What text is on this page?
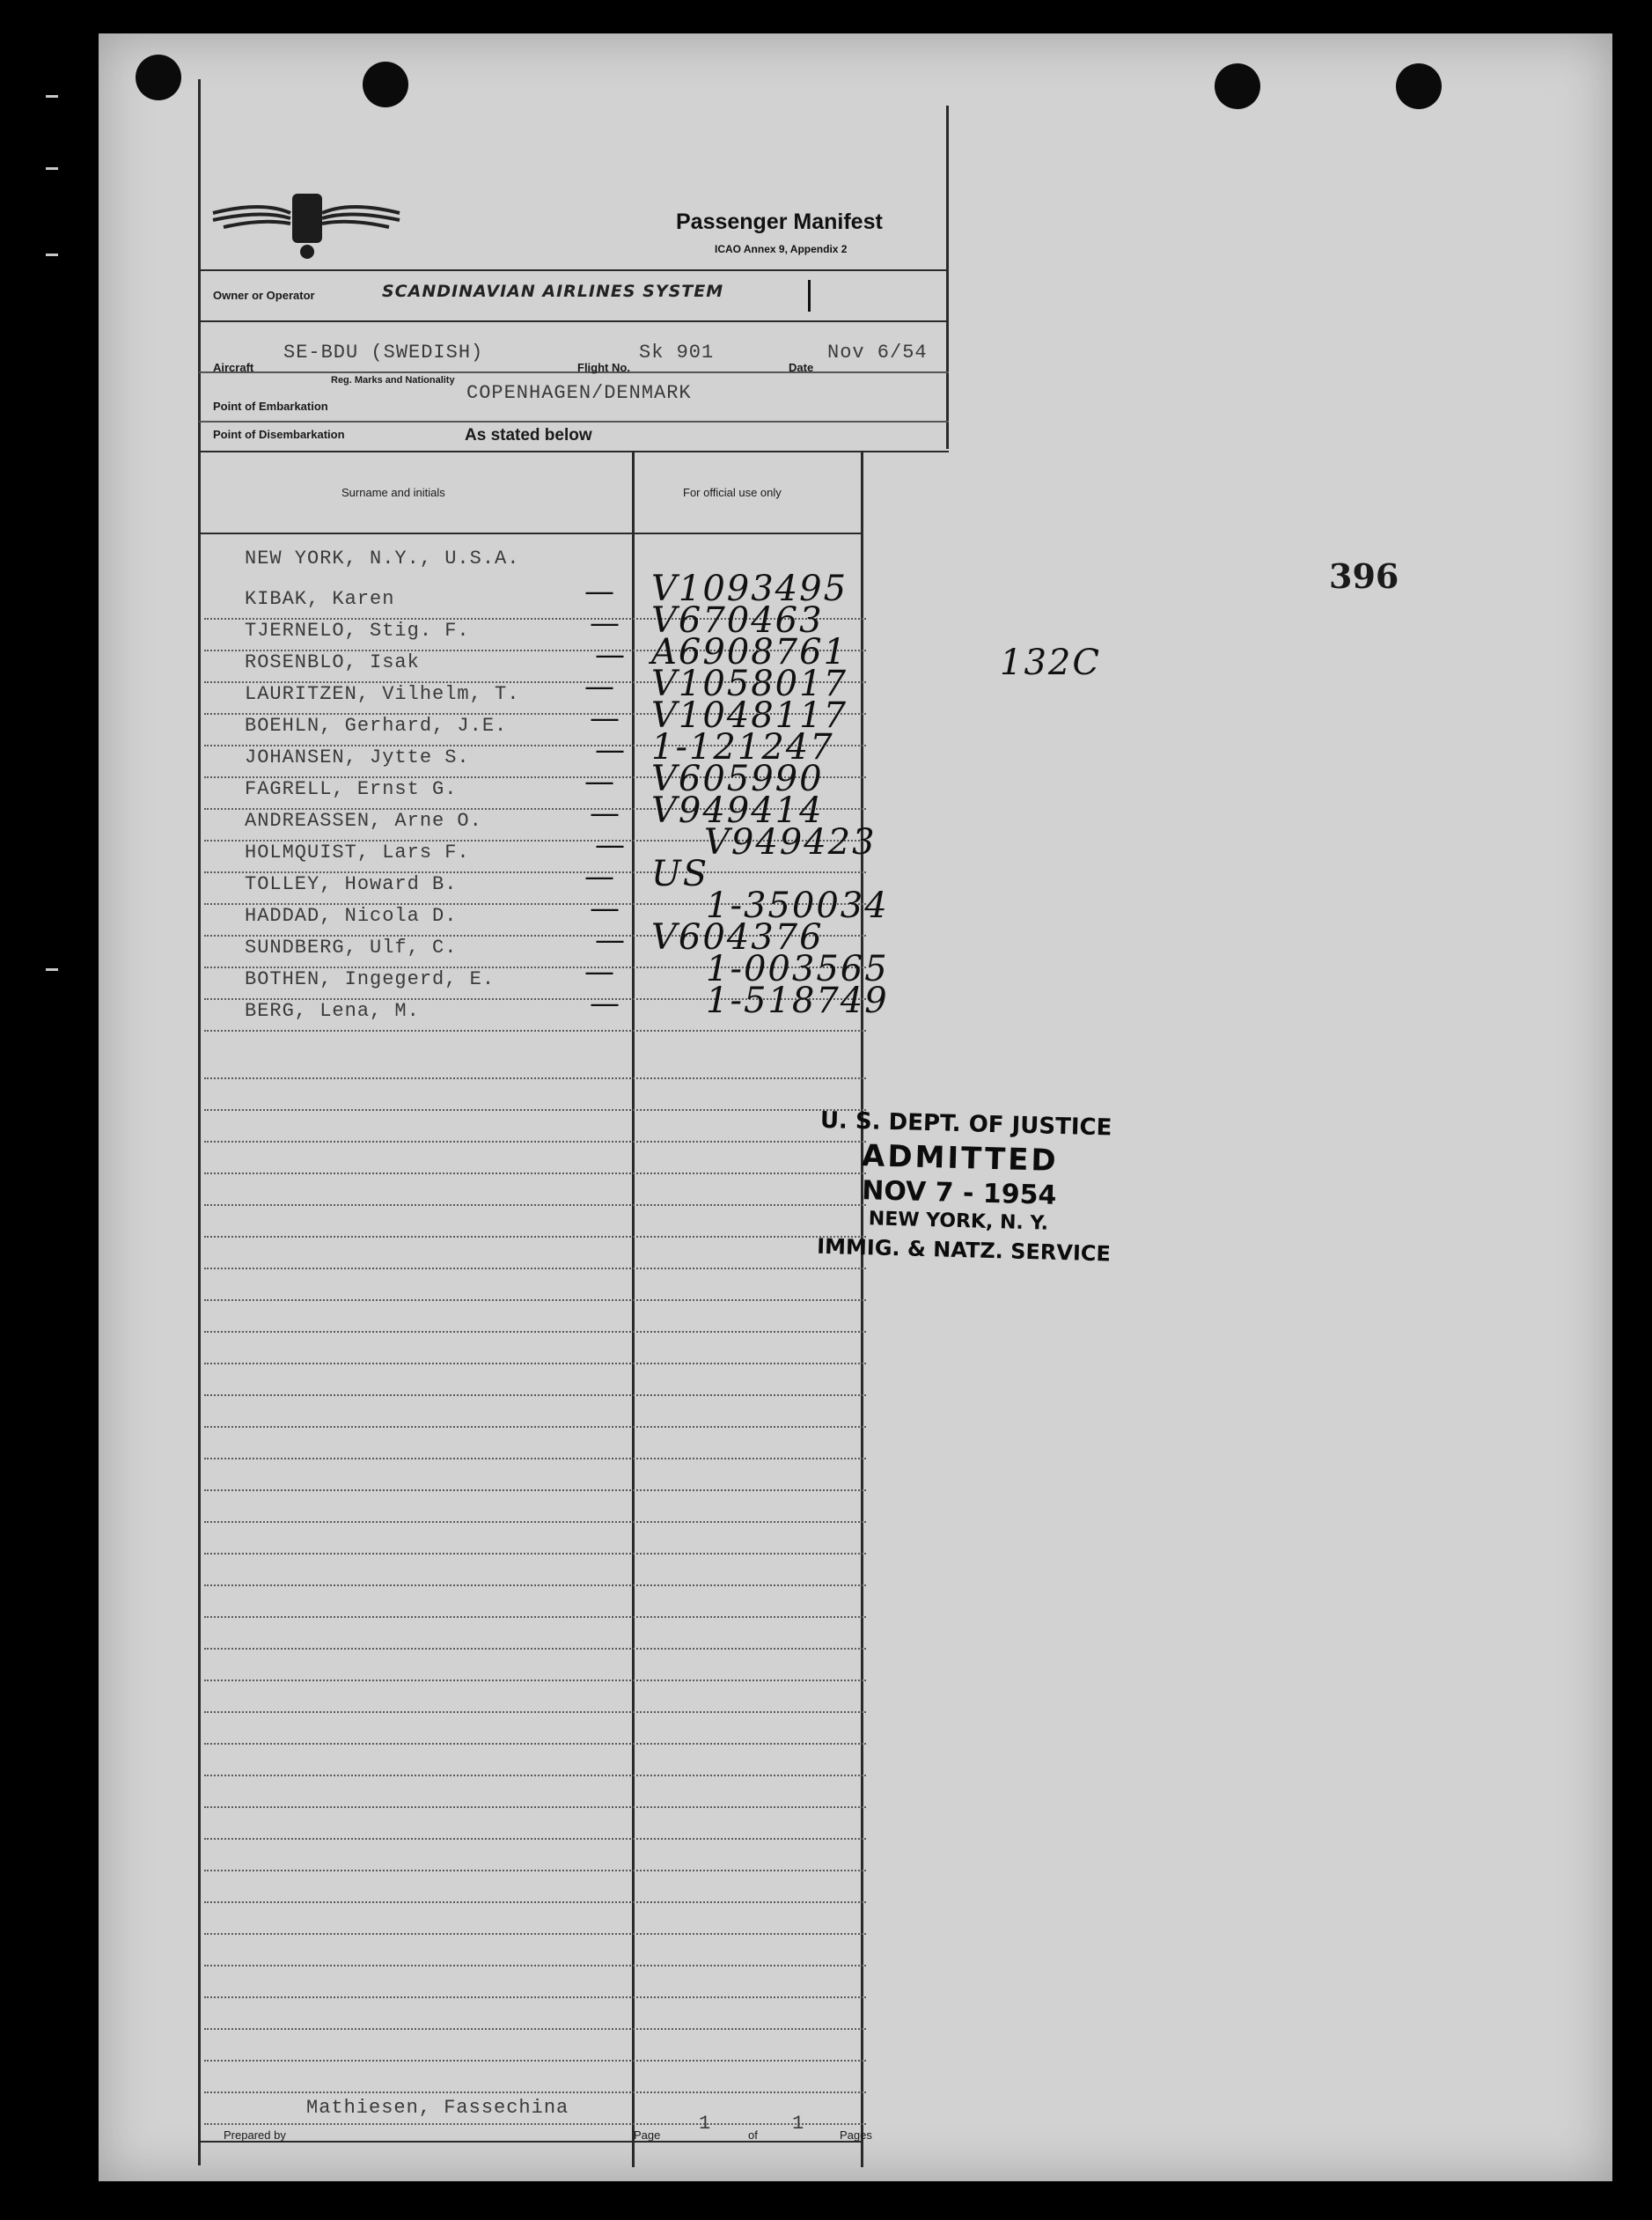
Passenger Manifest
ICAO Annex 9, Appendix 2
Owner or Operator	SCANDINAVIAN AIRLINES SYSTEM
Aircraft
SE-BDU (SWEDISH)
Reg. Marks and Nationality
Flight No.
Sk 901
Date
Nov 6/54
Point of Embarkation
COPENHAGEN/DENMARK
Point of Disembarkation	As stated below
Surname and initials	For official use only
NEW YORK, N.Y., U.S.A.
KIBAK, Karen	— V1093495
TJERNELO, Stig. F.	— V670463
ROSENBLO, Isak	— A6908761
LAURITZEN, Vilhelm, T. — V1058017
BOEHLN, Gerhard, J.E.	— V1048117
JOHANSEN, Jytte S.	— 1-121247
FAGRELL, Ernst G.	— V605990
ANDREASSEN, Arne O.	— V949414
HOLMQUIST, Lars F.	— V949423
TOLLEY, Howard B.	— US
HADDAD, Nicola D.	— 1-350034
SUNDBERG, Ulf, C.	— V604376
BOTHEN, Ingegerd, E.	—	1-003565
BERG, Lena, M.	— 1-518749
132C
396
U. S. DEPT. OF JUSTICE
ADMITTED
NOV 7 - 1954
NEW YORK, N. Y.
IMMIG. & NATZ. SERVICE
Mathiesen, Fassechina
Prepared by	Page
1
of
1
Pages
